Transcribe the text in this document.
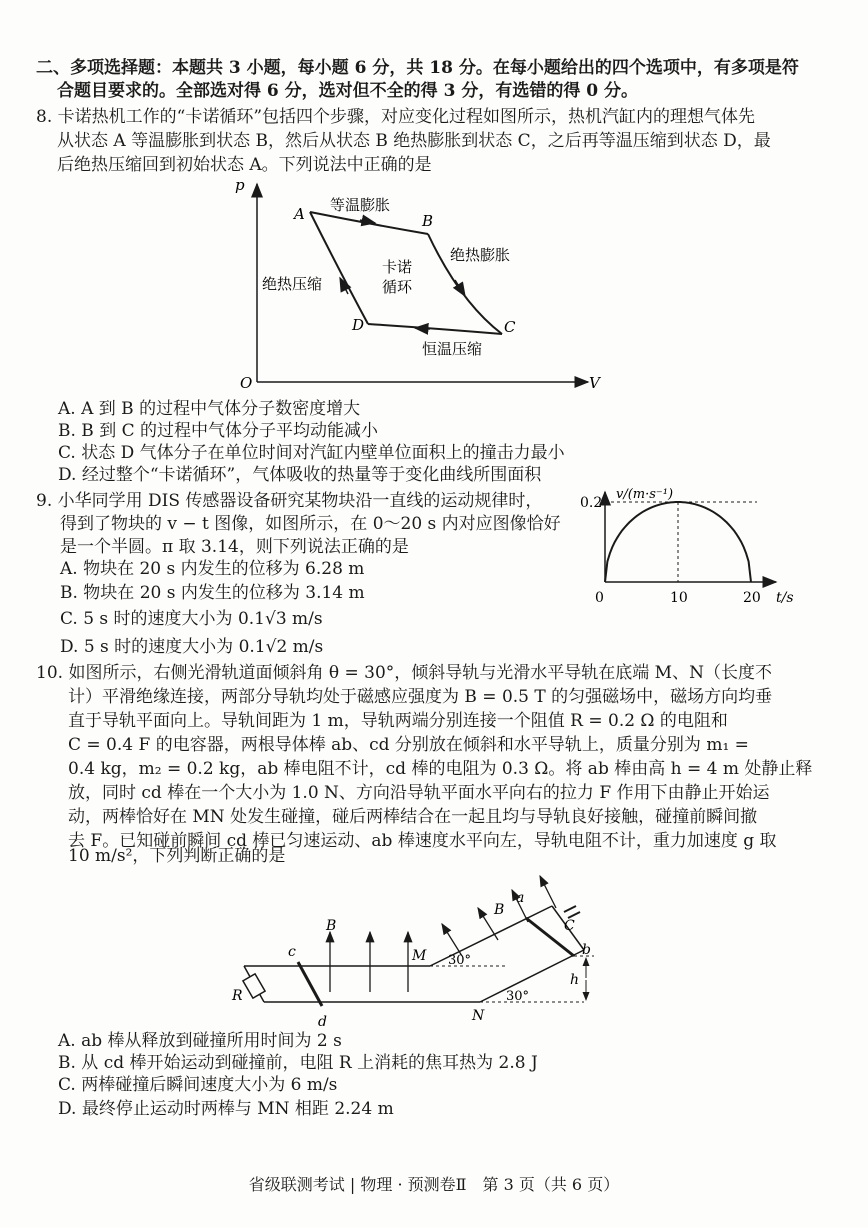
二、多项选择题：本题共 3 小题，每小题 6 分，共 18 分。在每小题给出的四个选项中，有多项是符
合题目要求的。全部选对得 6 分，选对但不全的得 3 分，有选错的得 0 分。
8. 卡诺热机工作的“卡诺循环”包括四个步骤，对应变化过程如图所示，热机汽缸内的理想气体先
从状态 A 等温膨胀到状态 B，然后从状态 B 绝热膨胀到状态 C，之后再等温压缩到状态 D，最
后绝热压缩回到初始状态 A。下列说法中正确的是
p
V
O
A	B
C
D
等温膨胀
绝热膨胀
恒温压缩
绝热压缩
卡诺
循环
A. A 到 B 的过程中气体分子数密度增大
B. B 到 C 的过程中气体分子平均动能减小
C. 状态 D 气体分子在单位时间对汽缸内壁单位面积上的撞击力最小
D. 经过整个“卡诺循环”，气体吸收的热量等于变化曲线所围面积
9. 小华同学用 DIS 传感器设备研究某物块沿一直线的运动规律时，
得到了物块的 v − t 图像，如图所示，在 0～20 s 内对应图像恰好
是一个半圆。π 取 3.14，则下列说法正确的是
A. 物块在 20 s 内发生的位移为 6.28 m
B. 物块在 20 s 内发生的位移为 3.14 m
C. 5 s 时的速度大小为 0.1√3 m/s
D. 5 s 时的速度大小为 0.1√2 m/s
v/(m·s⁻¹)
t/s
0.2
0	10	20
10. 如图所示，右侧光滑轨道面倾斜角 θ = 30°，倾斜导轨与光滑水平导轨在底端 M、N（长度不
计）平滑绝缘连接，两部分导轨均处于磁感应强度为 B = 0.5 T 的匀强磁场中，磁场方向均垂
直于导轨平面向上。导轨间距为 1 m，导轨两端分别连接一个阻值 R = 0.2 Ω 的电阻和
C = 0.4 F 的电容器，两根导体棒 ab、cd 分别放在倾斜和水平导轨上，质量分别为 m₁ =
0.4 kg，m₂ = 0.2 kg，ab 棒电阻不计，cd 棒的电阻为 0.3 Ω。将 ab 棒由高 h = 4 m 处静止释
放，同时 cd 棒在一个大小为 1.0 N、方向沿导轨平面水平向右的拉力 F 作用下由静止开始运
动，两棒恰好在 MN 处发生碰撞，碰后两棒结合在一起且均与导轨良好接触，碰撞前瞬间撤
去 F。已知碰前瞬间 cd 棒已匀速运动、ab 棒速度水平向左，导轨电阻不计，重力加速度 g 取
10 m/s²，下列判断正确的是
R
c
d
B
M
N
30°
30°
a
b
C
B
h
A. ab 棒从释放到碰撞所用时间为 2 s
B. 从 cd 棒开始运动到碰撞前，电阻 R 上消耗的焦耳热为 2.8 J
C. 两棒碰撞后瞬间速度大小为 6 m/s
D. 最终停止运动时两棒与 MN 相距 2.24 m
省级联测考试 | 物理 · 预测卷Ⅱ　第 3 页（共 6 页）
